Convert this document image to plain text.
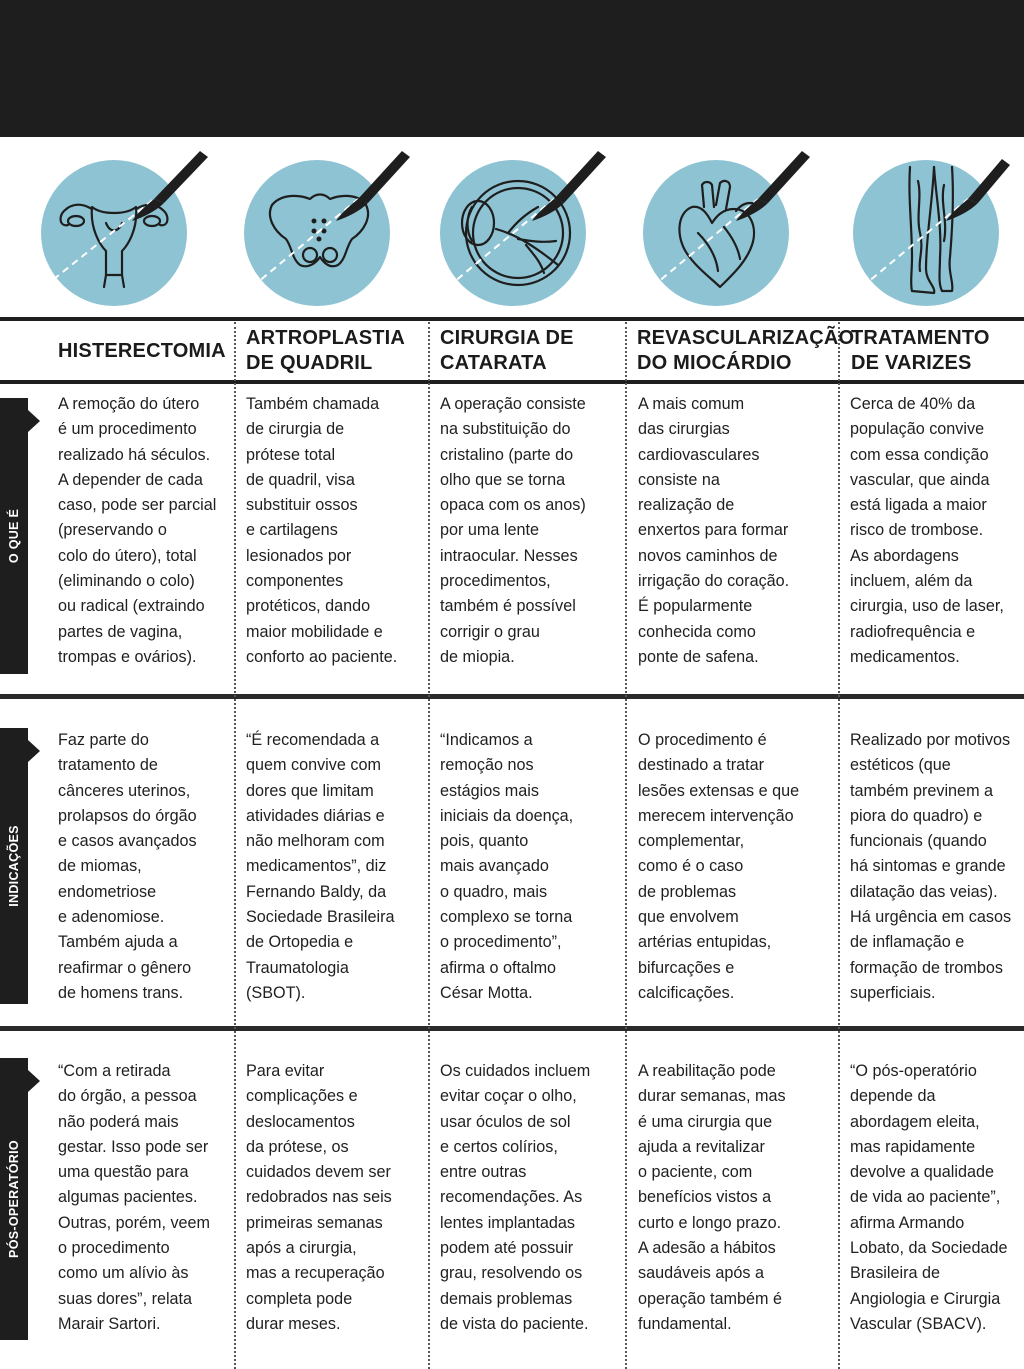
HISTERECTOMIA
ARTROPLASTIA
DE QUADRIL
CIRURGIA DE
CATARATA
REVASCULARIZAÇÃO
DO MIOCÁRDIO
TRATAMENTO
DE VARIZES
O QUE É
INDICAÇÕES
PÓS-OPERATÓRIO
A remoção do útero
é um procedimento
realizado há séculos.
A depender de cada
caso, pode ser parcial
(preservando o
colo do útero), total
(eliminando o colo)
ou radical (extraindo
partes de vagina,
trompas e ovários).
Também chamada
de cirurgia de
prótese total
de quadril, visa
substituir ossos
e cartilagens
lesionados por
componentes
protéticos, dando
maior mobilidade e
conforto ao paciente.
A operação consiste
na substituição do
cristalino (parte do
olho que se torna
opaca com os anos)
por uma lente
intraocular. Nesses
procedimentos,
também é possível
corrigir o grau
de miopia.
A mais comum
das cirurgias
cardiovasculares
consiste na
realização de
enxertos para formar
novos caminhos de
irrigação do coração.
É popularmente
conhecida como
ponte de safena.
Cerca de 40% da
população convive
com essa condição
vascular, que ainda
está ligada a maior
risco de trombose.
As abordagens
incluem, além da
cirurgia, uso de laser,
radiofrequência e
medicamentos.
Faz parte do
tratamento de
cânceres uterinos,
prolapsos do órgão
e casos avançados
de miomas,
endometriose
e adenomiose.
Também ajuda a
reafirmar o gênero
de homens trans.
“É recomendada a
quem convive com
dores que limitam
atividades diárias e
não melhoram com
medicamentos”, diz
Fernando Baldy, da
Sociedade Brasileira
de Ortopedia e
Traumatologia
(SBOT).
“Indicamos a
remoção nos
estágios mais
iniciais da doença,
pois, quanto
mais avançado
o quadro, mais
complexo se torna
o procedimento”,
afirma o oftalmo
César Motta.
O procedimento é
destinado a tratar
lesões extensas e que
merecem intervenção
complementar,
como é o caso
de problemas
que envolvem
artérias entupidas,
bifurcações e
calcificações.
Realizado por motivos
estéticos (que
também previnem a
piora do quadro) e
funcionais (quando
há sintomas e grande
dilatação das veias).
Há urgência em casos
de inflamação e
formação de trombos
superficiais.
“Com a retirada
do órgão, a pessoa
não poderá mais
gestar. Isso pode ser
uma questão para
algumas pacientes.
Outras, porém, veem
o procedimento
como um alívio às
suas dores”, relata
Marair Sartori.
Para evitar
complicações e
deslocamentos
da prótese, os
cuidados devem ser
redobrados nas seis
primeiras semanas
após a cirurgia,
mas a recuperação
completa pode
durar meses.
Os cuidados incluem
evitar coçar o olho,
usar óculos de sol
e certos colírios,
entre outras
recomendações. As
lentes implantadas
podem até possuir
grau, resolvendo os
demais problemas
de vista do paciente.
A reabilitação pode
durar semanas, mas
é uma cirurgia que
ajuda a revitalizar
o paciente, com
benefícios vistos a
curto e longo prazo.
A adesão a hábitos
saudáveis após a
operação também é
fundamental.
“O pós-operatório
depende da
abordagem eleita,
mas rapidamente
devolve a qualidade
de vida ao paciente”,
afirma Armando
Lobato, da Sociedade
Brasileira de
Angiologia e Cirurgia
Vascular (SBACV).
